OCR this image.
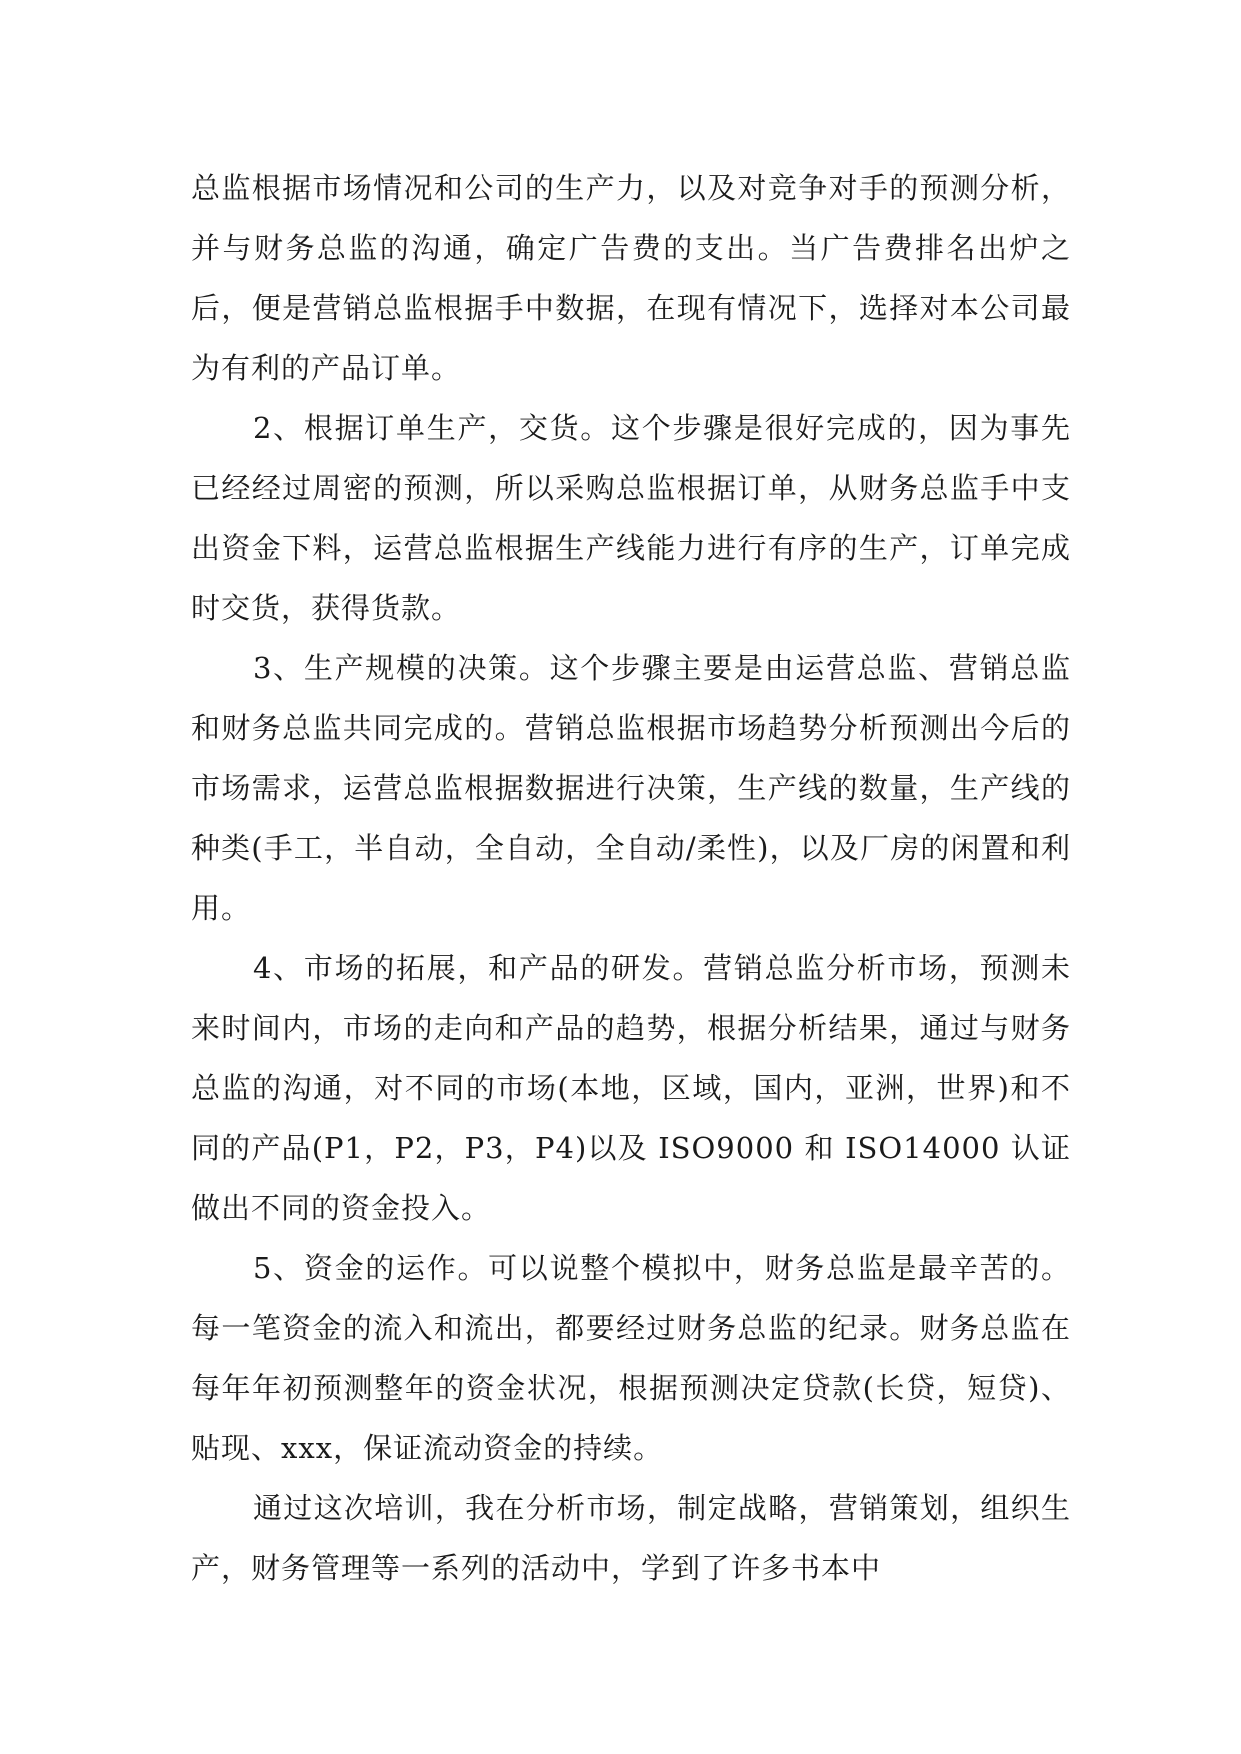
总监根据市场情况和公司的生产力，以及对竞争对手的预测分析，并与财务总监的沟通，确定广告费的支出。当广告费排名出炉之后，便是营销总监根据手中数据，在现有情况下，选择对本公司最为有利的产品订单。

2、根据订单生产，交货。这个步骤是很好完成的，因为事先已经经过周密的预测，所以采购总监根据订单，从财务总监手中支出资金下料，运营总监根据生产线能力进行有序的生产，订单完成时交货，获得货款。

3、生产规模的决策。这个步骤主要是由运营总监、营销总监和财务总监共同完成的。营销总监根据市场趋势分析预测出今后的市场需求，运营总监根据数据进行决策，生产线的数量，生产线的种类(手工，半自动，全自动，全自动/柔性)，以及厂房的闲置和利用。

4、市场的拓展，和产品的研发。营销总监分析市场，预测未来时间内，市场的走向和产品的趋势，根据分析结果，通过与财务总监的沟通，对不同的市场(本地，区域，国内，亚洲，世界)和不同的产品(P1，P2，P3，P4)以及 ISO9000 和 ISO14000 认证做出不同的资金投入。

5、资金的运作。可以说整个模拟中，财务总监是最辛苦的。每一笔资金的流入和流出，都要经过财务总监的纪录。财务总监在每年年初预测整年的资金状况，根据预测决定贷款(长贷，短贷)、贴现、xxx，保证流动资金的持续。

通过这次培训，我在分析市场，制定战略，营销策划，组织生产，财务管理等一系列的活动中，学到了许多书本中
